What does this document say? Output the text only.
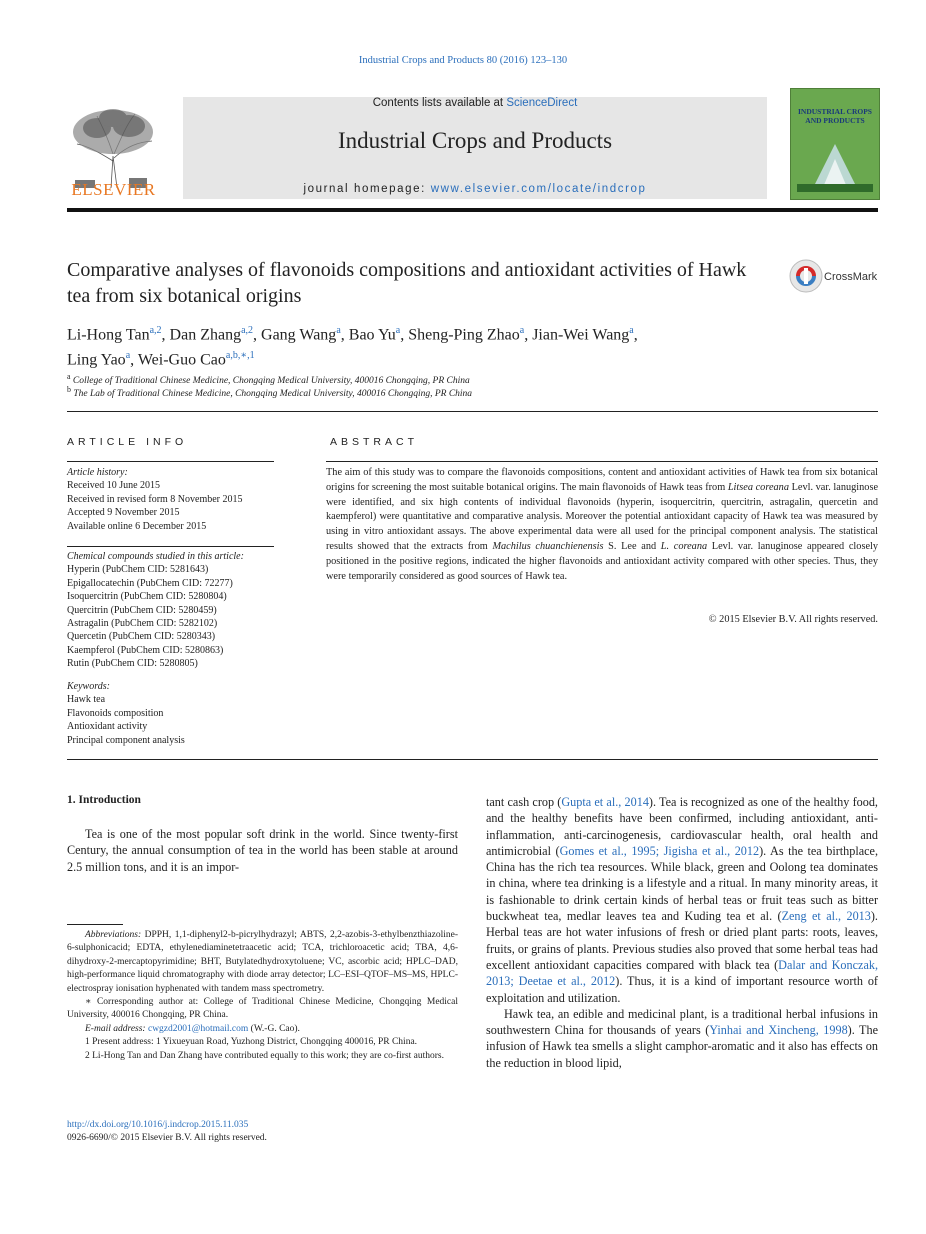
Industrial Crops and Products 80 (2016) 123–130
ELSEVIER
Contents lists available at ScienceDirect
Industrial Crops and Products
journal homepage: www.elsevier.com/locate/indcrop
INDUSTRIAL CROPS AND PRODUCTS
Comparative analyses of flavonoids compositions and antioxidant activities of Hawk tea from six botanical origins
CrossMark
Li-Hong Tan$^{a,2}$, Dan Zhang$^{a,2}$, Gang Wang$^a$, Bao Yu$^a$, Sheng-Ping Zhao$^a$, Jian-Wei Wang$^a$,
Ling Yao$^a$, Wei-Guo Cao$^{a,b,∗,1}$
$^a$ College of Traditional Chinese Medicine, Chongqing Medical University, 400016 Chongqing, PR China
$^b$ The Lab of Traditional Chinese Medicine, Chongqing Medical University, 400016 Chongqing, PR China
ARTICLE INFO
Article history:
Received 10 June 2015
Received in revised form 8 November 2015
Accepted 9 November 2015
Available online 6 December 2015
Chemical compounds studied in this article:
Hyperin (PubChem CID: 5281643)
Epigallocatechin (PubChem CID: 72277)
Isoquercitrin (PubChem CID: 5280804)
Quercitrin (PubChem CID: 5280459)
Astragalin (PubChem CID: 5282102)
Quercetin (PubChem CID: 5280343)
Kaempferol (PubChem CID: 5280863)
Rutin (PubChem CID: 5280805)
Keywords:
Hawk tea
Flavonoids composition
Antioxidant activity
Principal component analysis
ABSTRACT
The aim of this study was to compare the flavonoids compositions, content and antioxidant activities of Hawk tea from six botanical origins for screening the most suitable botanical origins. The main flavonoids of Hawk teas from Litsea coreana Levl. var. lanuginose were identified, and six high contents of individual flavonoids (hyperin, isoquercitrin, quercitrin, astragalin, quercetin and kaempferol) were quantitative and comparative analysis. Moreover the potential antioxidant capacity of Hawk tea was measured by using in vitro antioxidant assays. The above experimental data were all used for the principal component analysis. The statistical results showed that the extracts from Machilus chuanchienensis S. Lee and L. coreana Levl. var. lanuginose appeared closely positioned in the positive regions, indicated the higher flavonoids and antioxidant activity compared with other species. Thus, they were temporarily considered as good sources of Hawk tea.
© 2015 Elsevier B.V. All rights reserved.
1. Introduction

Tea is one of the most popular soft drink in the world. Since twenty-first Century, the annual consumption of tea in the world has been stable at around 2.5 million tons, and it is an impor-

tant cash crop (Gupta et al., 2014). Tea is recognized as one of the healthy food, and the healthy benefits have been confirmed, including antioxidant, anti-inflammation, anti-carcinogenesis, cardiovascular health, oral health and antimicrobial (Gomes et al., 1995; Jigisha et al., 2012). As the tea birthplace, China has the rich tea resources. While black, green and Oolong tea dominates in china, where tea drinking is a lifestyle and a ritual. In many minority areas, it is fashionable to drink certain kinds of herbal teas or fruit teas such as bitter buckwheat tea, medlar leaves tea and Kuding tea et al. (Zeng et al., 2013). Herbal teas are hot water infusions of fresh or dried plant parts: roots, leaves, fruits, or grains of plants. Previous studies also proved that some herbal teas had excellent antioxidant capacities compared with black tea (Dalar and Konczak, 2013; Deetae et al., 2012). Thus, it is a kind of important resource worth of exploitation and utilization.

Hawk tea, an edible and medicinal plant, is a traditional herbal infusions in southwestern China for thousands of years (Yinhai and Xincheng, 1998). The infusion of Hawk tea smells a slight camphor-aromatic and it also has effects on the reduction in blood lipid,

Abbreviations: DPPH, 1,1-diphenyl2-b-picrylhydrazyl; ABTS, 2,2-azobis-3-ethylbenzthiazoline-6-sulphonicacid; EDTA, ethylenediaminetetraacetic acid; TCA, trichloroacetic acid; TBA, 4,6-dihydroxy-2-mercaptopyrimidine; BHT, Butylatedhydroxytoluene; VC, ascorbic acid; HPLC–DAD, high-performance liquid chromatography with diode array detector; LC–ESI–QTOF–MS–MS, HPLC-electrospray ionisation hyphenated with tandem mass spectrometry.

∗ Corresponding author at: College of Traditional Chinese Medicine, Chongqing Medical University, 400016 Chongqing, PR China.

E-mail address: cwgzd2001@hotmail.com (W.-G. Cao).

1 Present address: 1 Yixueyuan Road, Yuzhong District, Chongqing 400016, PR China.

2 Li-Hong Tan and Dan Zhang have contributed equally to this work; they are co-first authors.

http://dx.doi.org/10.1016/j.indcrop.2015.11.035
0926-6690/© 2015 Elsevier B.V. All rights reserved.
